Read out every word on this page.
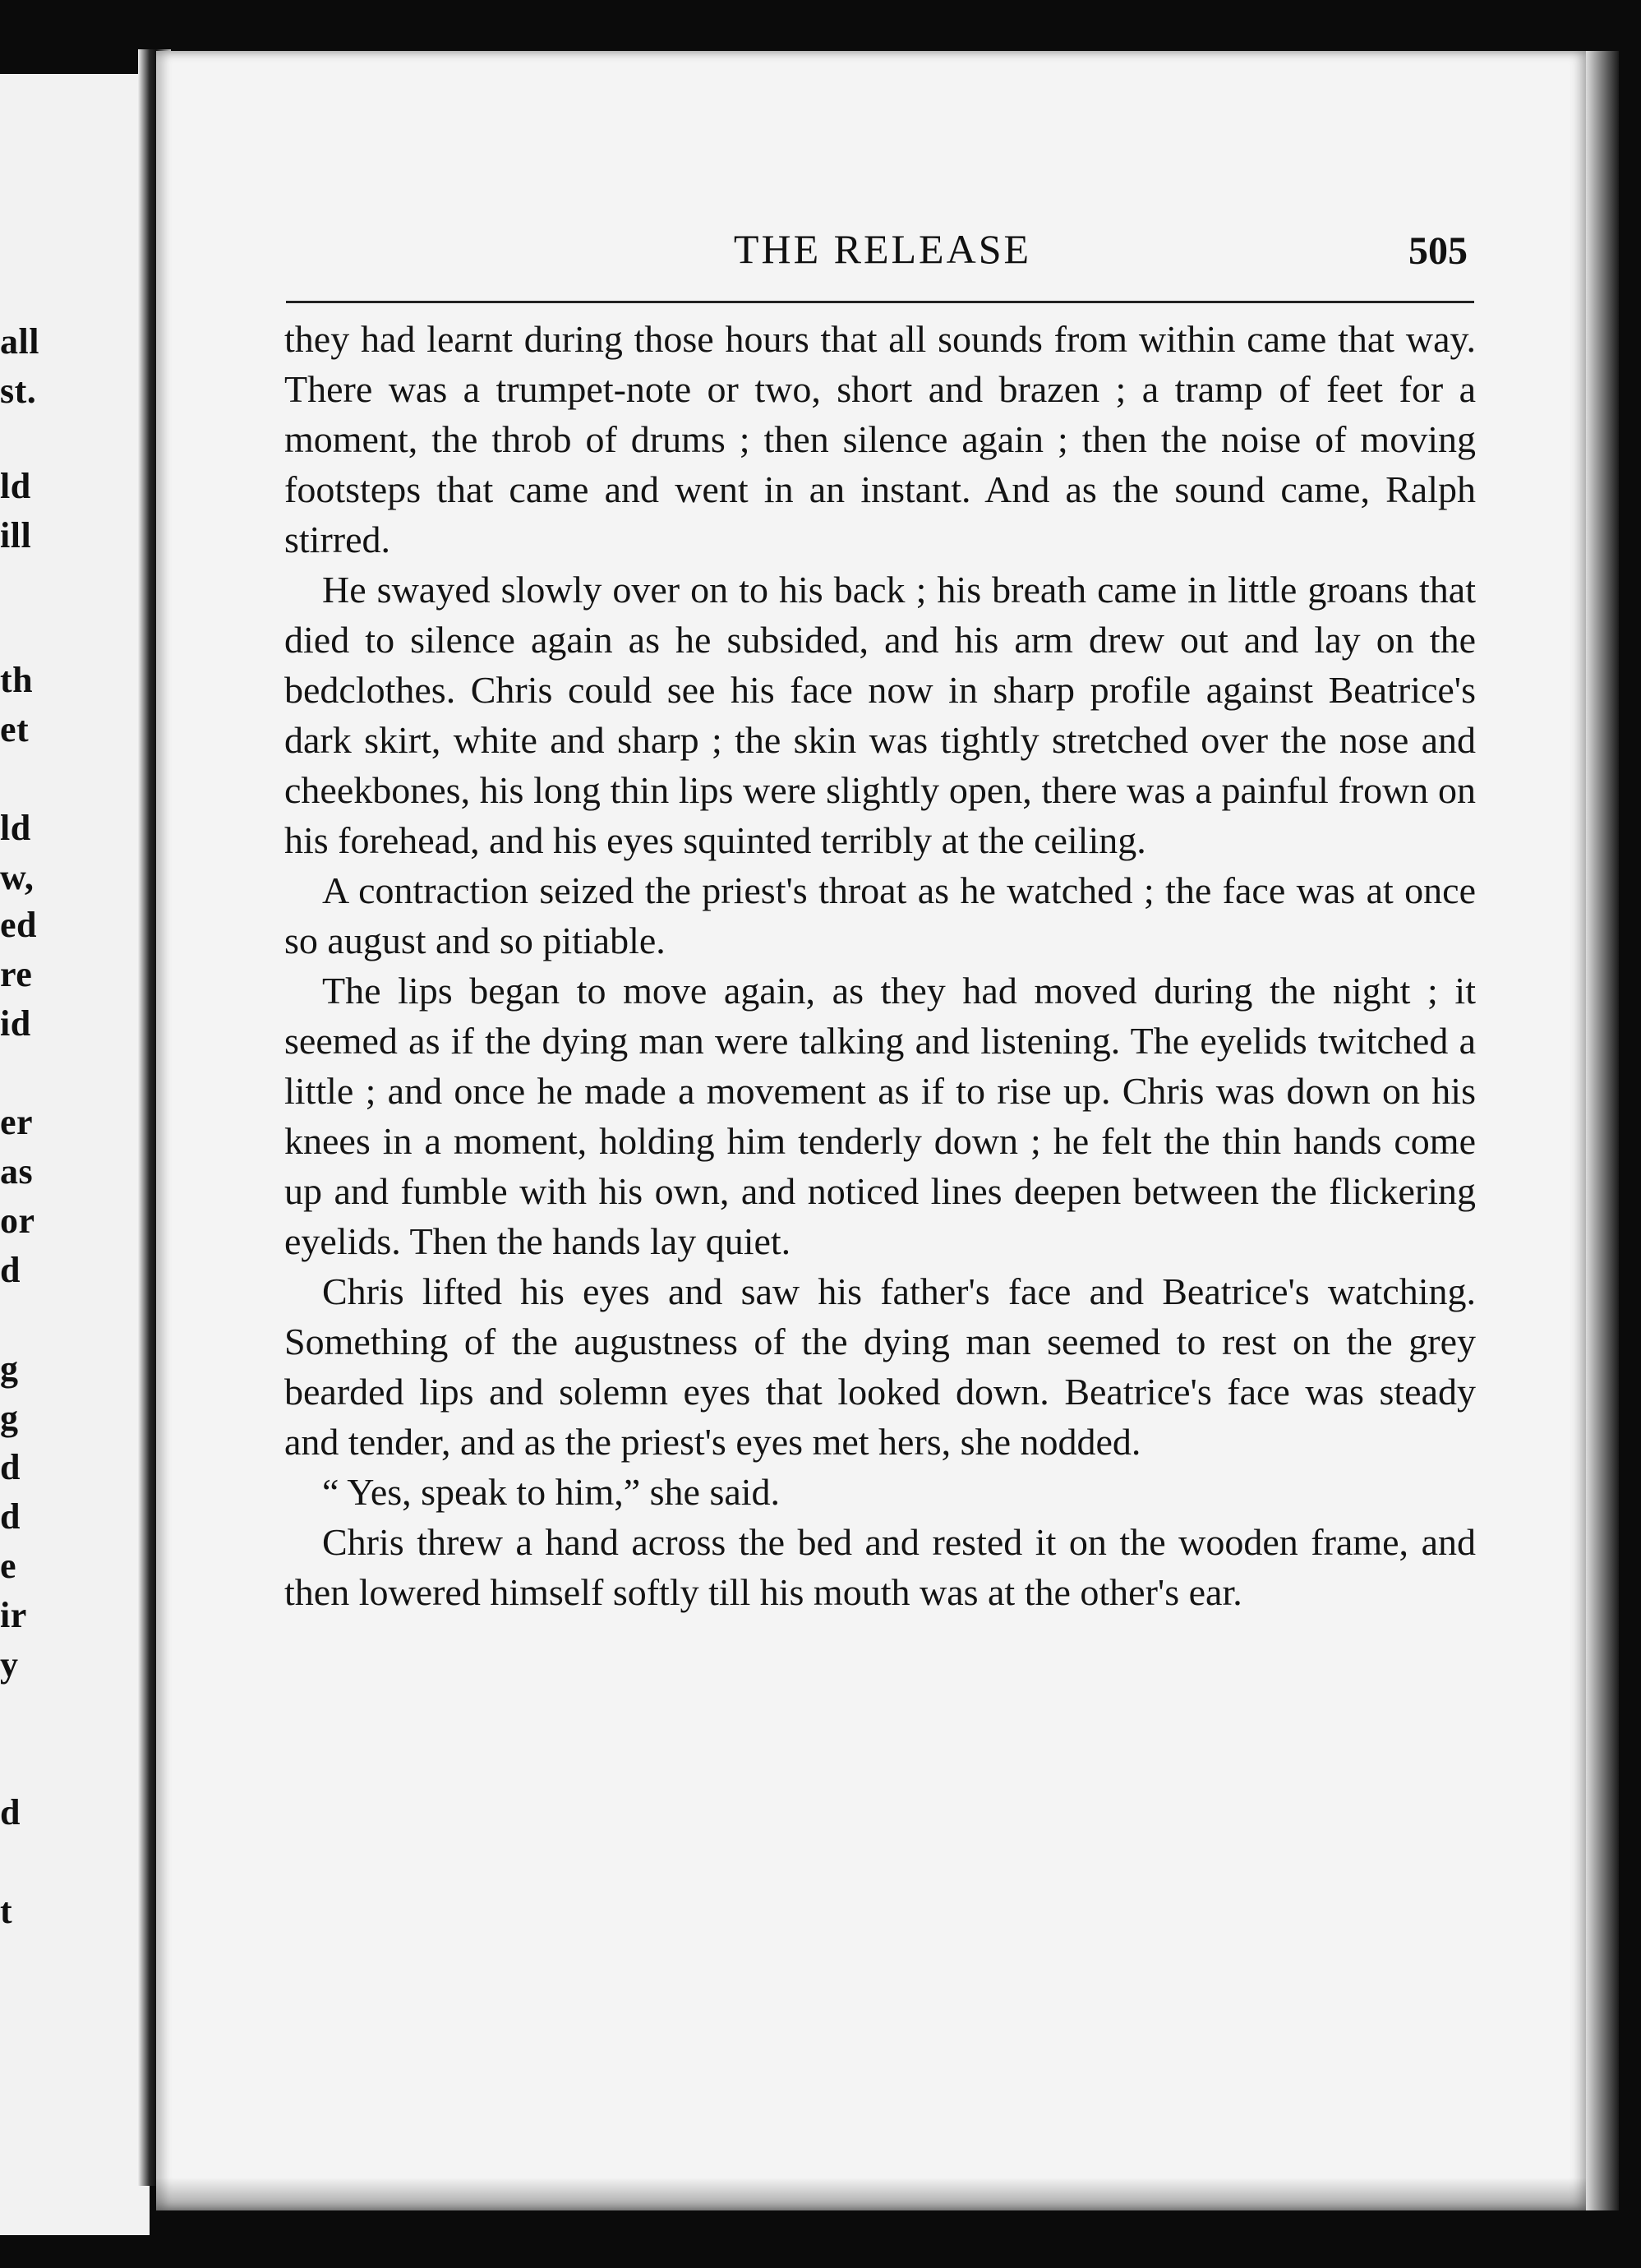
all

st.

ld

ill

th

et

ld

w,

ed

re

id

er

as

or

d

g

g

d

d

e

ir

y

d

t

THE RELEASE	505

they had learnt during those hours that all sounds from within came that way. There was a trumpet-note or two, short and brazen ; a tramp of feet for a moment, the throb of drums ; then silence again ; then the noise of moving footsteps that came and went in an instant. And as the sound came, Ralph stirred.

He swayed slowly over on to his back ; his breath came in little groans that died to silence again as he subsided, and his arm drew out and lay on the bedclothes. Chris could see his face now in sharp profile against Beatrice's dark skirt, white and sharp ; the skin was tightly stretched over the nose and cheekbones, his long thin lips were slightly open, there was a painful frown on his forehead, and his eyes squinted terribly at the ceiling.

A contraction seized the priest's throat as he watched ; the face was at once so august and so pitiable.

The lips began to move again, as they had moved during the night ; it seemed as if the dying man were talking and listening. The eyelids twitched a little ; and once he made a movement as if to rise up. Chris was down on his knees in a moment, holding him tenderly down ; he felt the thin hands come up and fumble with his own, and noticed lines deepen between the flickering eyelids. Then the hands lay quiet.

Chris lifted his eyes and saw his father's face and Beatrice's watching. Something of the augustness of the dying man seemed to rest on the grey bearded lips and solemn eyes that looked down. Beatrice's face was steady and tender, and as the priest's eyes met hers, she nodded.

“ Yes, speak to him,” she said.

Chris threw a hand across the bed and rested it on the wooden frame, and then lowered himself softly till his mouth was at the other's ear.
